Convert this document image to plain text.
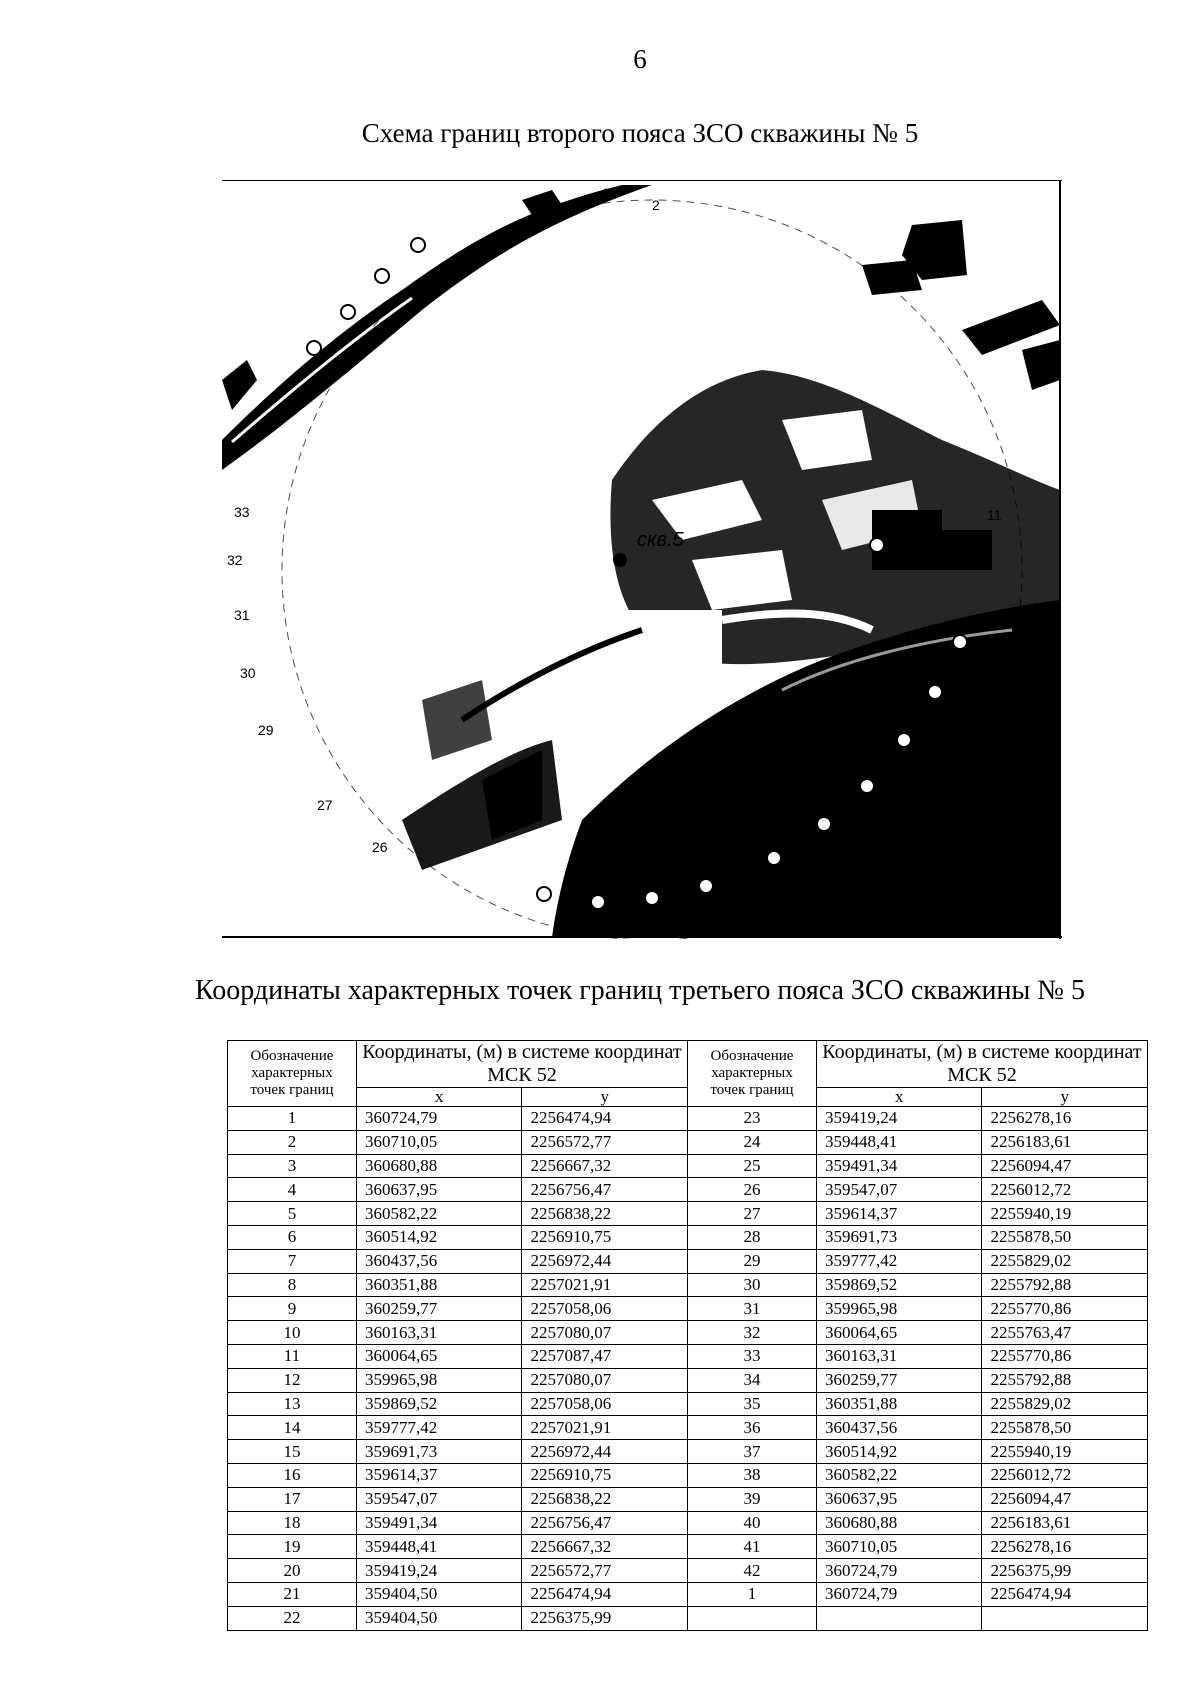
6
Схема границ второго пояса ЗСО скважины № 5
скв.5
1
2
11
33
32
31
30
29
27
26
Координаты характерных точек границ третьего пояса ЗСО скважины № 5
Обозначение характерных точек границ	Координаты, (м) в системе координат МСК 52		Обозначение характерных точек границ	Координаты, (м) в системе координат МСК 52	
	x	y		x	y
1	360724,79	2256474,94	23	359419,24	2256278,16
2	360710,05	2256572,77	24	359448,41	2256183,61
3	360680,88	2256667,32	25	359491,34	2256094,47
4	360637,95	2256756,47	26	359547,07	2256012,72
5	360582,22	2256838,22	27	359614,37	2255940,19
6	360514,92	2256910,75	28	359691,73	2255878,50
7	360437,56	2256972,44	29	359777,42	2255829,02
8	360351,88	2257021,91	30	359869,52	2255792,88
9	360259,77	2257058,06	31	359965,98	2255770,86
10	360163,31	2257080,07	32	360064,65	2255763,47
11	360064,65	2257087,47	33	360163,31	2255770,86
12	359965,98	2257080,07	34	360259,77	2255792,88
13	359869,52	2257058,06	35	360351,88	2255829,02
14	359777,42	2257021,91	36	360437,56	2255878,50
15	359691,73	2256972,44	37	360514,92	2255940,19
16	359614,37	2256910,75	38	360582,22	2256012,72
17	359547,07	2256838,22	39	360637,95	2256094,47
18	359491,34	2256756,47	40	360680,88	2256183,61
19	359448,41	2256667,32	41	360710,05	2256278,16
20	359419,24	2256572,77	42	360724,79	2256375,99
21	359404,50	2256474,94	1	360724,79	2256474,94
22	359404,50	2256375,99			
